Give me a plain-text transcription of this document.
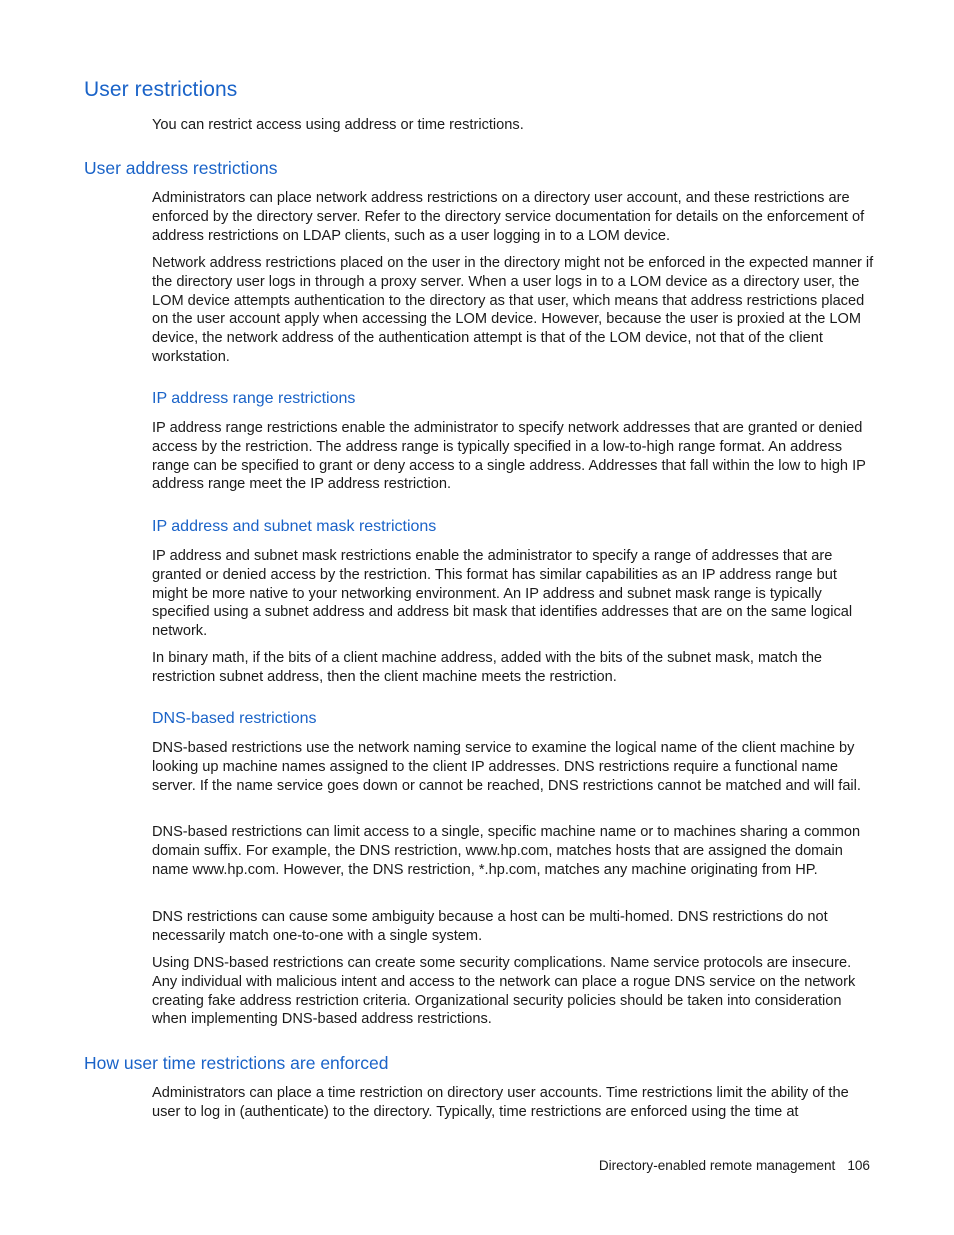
User restrictions

You can restrict access using address or time restrictions.

User address restrictions

Administrators can place network address restrictions on a directory user account, and these restrictions are enforced by the directory server. Refer to the directory service documentation for details on the enforcement of address restrictions on LDAP clients, such as a user logging in to a LOM device.

Network address restrictions placed on the user in the directory might not be enforced in the expected manner if the directory user logs in through a proxy server. When a user logs in to a LOM device as a directory user, the LOM device attempts authentication to the directory as that user, which means that address restrictions placed on the user account apply when accessing the LOM device. However, because the user is proxied at the LOM device, the network address of the authentication attempt is that of the LOM device, not that of the client workstation.

IP address range restrictions

IP address range restrictions enable the administrator to specify network addresses that are granted or denied access by the restriction. The address range is typically specified in a low-to-high range format. An address range can be specified to grant or deny access to a single address. Addresses that fall within the low to high IP address range meet the IP address restriction.

IP address and subnet mask restrictions

IP address and subnet mask restrictions enable the administrator to specify a range of addresses that are granted or denied access by the restriction. This format has similar capabilities as an IP address range but might be more native to your networking environment. An IP address and subnet mask range is typically specified using a subnet address and address bit mask that identifies addresses that are on the same logical network.

In binary math, if the bits of a client machine address, added with the bits of the subnet mask, match the restriction subnet address, then the client machine meets the restriction.

DNS-based restrictions

DNS-based restrictions use the network naming service to examine the logical name of the client machine by looking up machine names assigned to the client IP addresses. DNS restrictions require a functional name server. If the name service goes down or cannot be reached, DNS restrictions cannot be matched and will fail.

DNS-based restrictions can limit access to a single, specific machine name or to machines sharing a common domain suffix. For example, the DNS restriction, www.hp.com, matches hosts that are assigned the domain name www.hp.com. However, the DNS restriction, *.hp.com, matches any machine originating from HP.

DNS restrictions can cause some ambiguity because a host can be multi-homed. DNS restrictions do not necessarily match one-to-one with a single system.

Using DNS-based restrictions can create some security complications. Name service protocols are insecure. Any individual with malicious intent and access to the network can place a rogue DNS service on the network creating fake address restriction criteria. Organizational security policies should be taken into consideration when implementing DNS-based address restrictions.

How user time restrictions are enforced

Administrators can place a time restriction on directory user accounts. Time restrictions limit the ability of the user to log in (authenticate) to the directory. Typically, time restrictions are enforced using the time at

Directory-enabled remote management 106
